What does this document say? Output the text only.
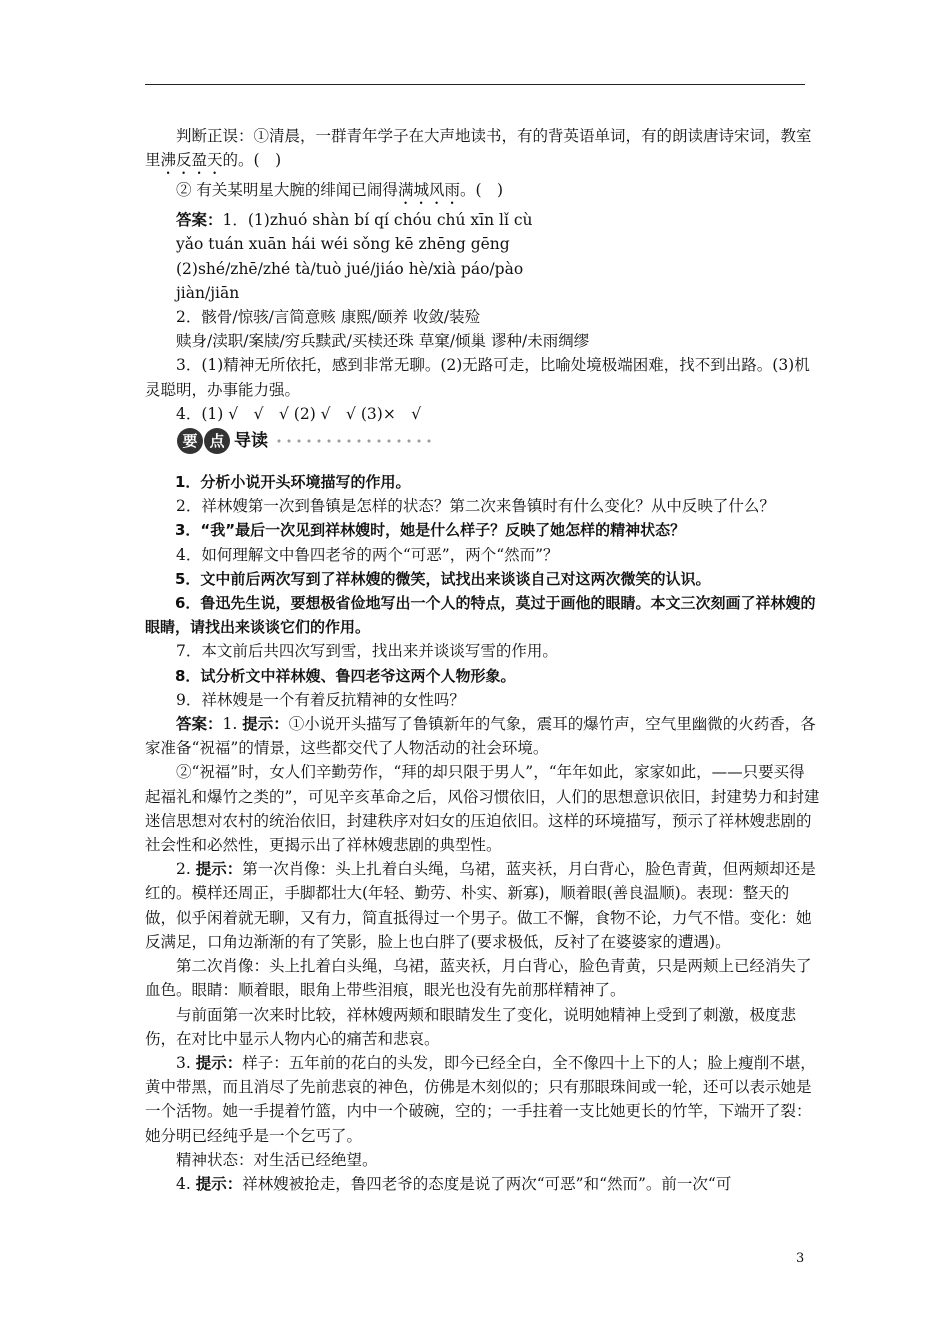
判断正误：①清晨，一群青年学子在大声地读书，有的背英语单词，有的朗读唐诗宋词，教室里沸反盈天的。(　)

② 有关某明星大腕的绯闻已闹得满城风雨。(　)

答案：1．(1)zhuó shàn bí qí chóu chú xīn lǐ cù

yǎo tuán xuān hái wéi sǒng kē zhēng gēng

(2)shé/zhē/zhé tà/tuò jué/jiáo hè/xià páo/pào

jiàn/jiān

2．骸骨/惊骇/言简意赅 康熙/颐养 收敛/装殓

赎身/渎职/案牍/穷兵黩武/买椟还珠 草窠/倾巢 谬种/未雨绸缪

3．(1)精神无所依托，感到非常无聊。(2)无路可走，比喻处境极端困难，找不到出路。(3)机灵聪明，办事能力强。

4．(1) √　√　√ (2) √　√ (3)×　√

要 点 导读

1．分析小说开头环境描写的作用。

2．祥林嫂第一次到鲁镇是怎样的状态？第二次来鲁镇时有什么变化？从中反映了什么？

3．“我”最后一次见到祥林嫂时，她是什么样子？反映了她怎样的精神状态？

4．如何理解文中鲁四老爷的两个“可恶”，两个“然而”？

5．文中前后两次写到了祥林嫂的微笑，试找出来谈谈自己对这两次微笑的认识。

6．鲁迅先生说，要想极省俭地写出一个人的特点，莫过于画他的眼睛。本文三次刻画了祥林嫂的眼睛，请找出来谈谈它们的作用。

7．本文前后共四次写到雪，找出来并谈谈写雪的作用。

8．试分析文中祥林嫂、鲁四老爷这两个人物形象。

9．祥林嫂是一个有着反抗精神的女性吗？

答案：1. 提示：①小说开头描写了鲁镇新年的气象，震耳的爆竹声，空气里幽微的火药香，各家准备“祝福”的情景，这些都交代了人物活动的社会环境。

②“祝福”时，女人们辛勤劳作，“拜的却只限于男人”，“年年如此，家家如此，——只要买得起福礼和爆竹之类的”，可见辛亥革命之后，风俗习惯依旧，人们的思想意识依旧，封建势力和封建迷信思想对农村的统治依旧，封建秩序对妇女的压迫依旧。这样的环境描写，预示了祥林嫂悲剧的社会性和必然性，更揭示出了祥林嫂悲剧的典型性。

2. 提示：第一次肖像：头上扎着白头绳，乌裙，蓝夹袄，月白背心，脸色青黄，但两颊却还是红的。模样还周正，手脚都壮大(年轻、勤劳、朴实、新寡)，顺着眼(善良温顺)。表现：整天的做，似乎闲着就无聊，又有力，简直抵得过一个男子。做工不懈，食物不论，力气不惜。变化：她反满足，口角边渐渐的有了笑影，脸上也白胖了(要求极低，反衬了在婆婆家的遭遇)。

第二次肖像：头上扎着白头绳，乌裙，蓝夹袄，月白背心，脸色青黄，只是两颊上已经消失了血色。眼睛：顺着眼，眼角上带些泪痕，眼光也没有先前那样精神了。

与前面第一次来时比较，祥林嫂两颊和眼睛发生了变化，说明她精神上受到了刺激，极度悲伤，在对比中显示人物内心的痛苦和悲哀。

3. 提示：样子：五年前的花白的头发，即今已经全白，全不像四十上下的人；脸上瘦削不堪，黄中带黑，而且消尽了先前悲哀的神色，仿佛是木刻似的；只有那眼珠间或一轮，还可以表示她是一个活物。她一手提着竹篮，内中一个破碗，空的；一手拄着一支比她更长的竹竿，下端开了裂：她分明已经纯乎是一个乞丐了。

精神状态：对生活已经绝望。

4. 提示：祥林嫂被抢走，鲁四老爷的态度是说了两次“可恶”和“然而”。前一次“可

3
